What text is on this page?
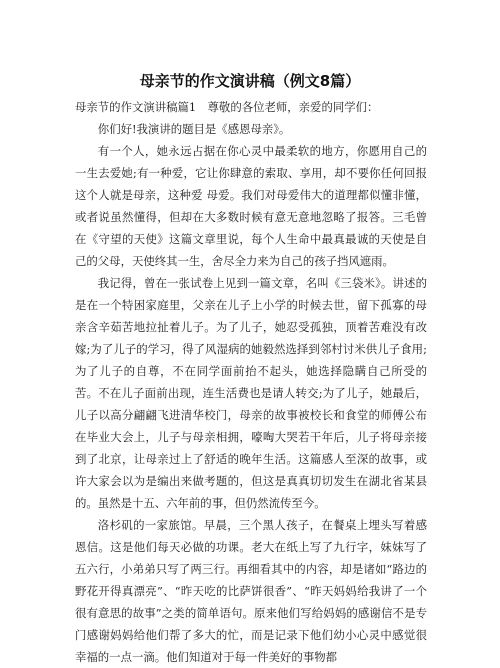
母亲节的作文演讲稿（例文8篇）

母亲节的作文演讲稿篇1　尊敬的各位老师，亲爱的同学们：

你们好!我演讲的题目是《感恩母亲》。

有一个人，她永远占据在你心灵中最柔软的地方，你愿用自己的一生去爱她;有一种爱，它让你肆意的索取、享用，却不要你任何回报这个人就是母亲，这种爱 母爱。我们对母爱伟大的道理都似懂非懂，或者说虽然懂得，但却在大多数时候有意无意地忽略了报答。三毛曾在《守望的天使》这篇文章里说，每个人生命中最真最诚的天使是自己的父母，天使终其一生，舍尽全力来为自己的孩子挡风遮雨。

我记得，曾在一张试卷上见到一篇文章，名叫《三袋米》。讲述的是在一个特困家庭里，父亲在儿子上小学的时候去世，留下孤寡的母亲含辛茹苦地拉扯着儿子。为了儿子，她忍受孤独，顶着苦难没有改嫁;为了儿子的学习，得了风湿病的她毅然选择到邻村讨米供儿子食用;为了儿子的自尊，不在同学面前抬不起头，她选择隐瞒自己所受的苦。不在儿子面前出现，连生活费也是请人转交;为了儿子，她最后，儿子以高分翩翩飞进清华校门，母亲的故事被校长和食堂的师傅公布在毕业大会上，儿子与母亲相拥，嚎啕大哭若干年后，儿子将母亲接到了北京，让母亲过上了舒适的晚年生活。这篇感人至深的故事，或许大家会以为是编出来做考题的，但这是真真切切发生在湖北省某县的。虽然是十五、六年前的事，但仍然流传至今。

洛杉矶的一家旅馆。早晨，三个黑人孩子，在餐桌上埋头写着感恩信。这是他们每天必做的功课。老大在纸上写了九行字，妹妹写了五六行，小弟弟只写了两三行。再细看其中的内容，却是诸如“路边的野花开得真漂亮”、“昨天吃的比萨饼很香”、“昨天妈妈给我讲了一个很有意思的故事”之类的简单语句。原来他们写给妈妈的感谢信不是专门感谢妈妈给他们帮了多大的忙，而是记录下他们幼小心灵中感觉很幸福的一点一滴。他们知道对于每一件美好的事物都
